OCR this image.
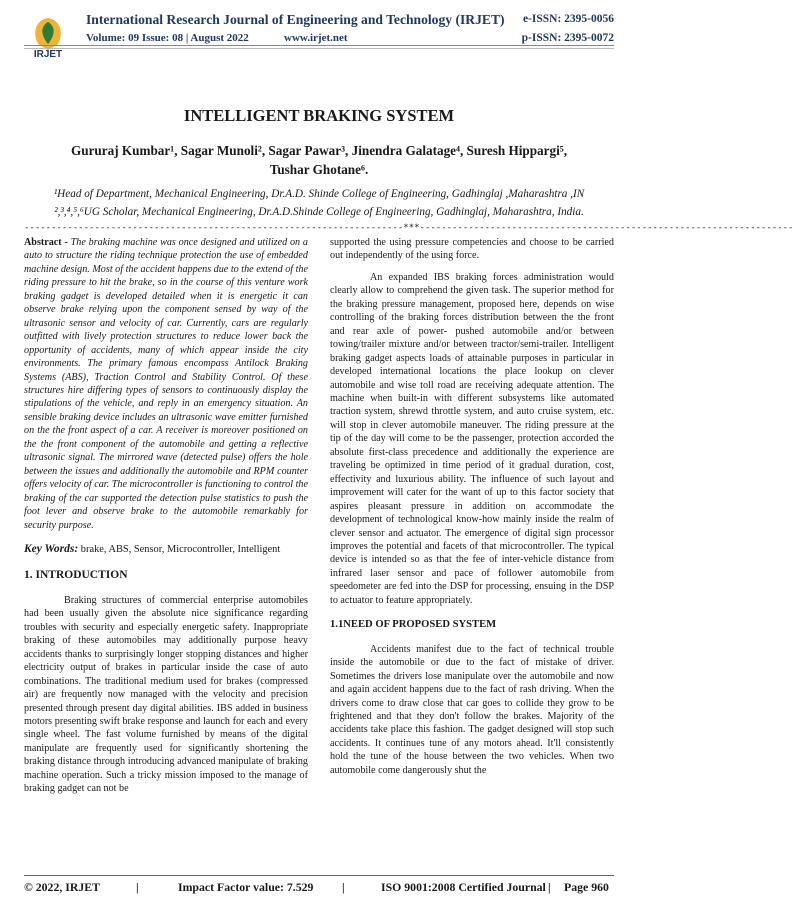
IRJET
International Research Journal of Engineering and Technology (IRJET) e-ISSN: 2395-0056
Volume: 09 Issue: 08 | August 2022	www.irjet.net	p-ISSN: 2395-0072
INTELLIGENT BRAKING SYSTEM
Gururaj Kumbar¹, Sagar Munoli², Sagar Pawar³, Jinendra Galatage⁴, Suresh Hippargi⁵,
Tushar Ghotane⁶.
¹Head of Department, Mechanical Engineering, Dr.A.D. Shinde College of Engineering, Gadhinglaj ,Maharashtra ,IN
²,³,⁴,⁵,⁶UG Scholar, Mechanical Engineering, Dr.A.D.Shinde College of Engineering, Gadhinglaj, Maharashtra, India.
----------------------------------------------------------------------***---------------------------------------------------------------------

Abstract - The braking machine was once designed and utilized on a auto to structure the riding technique protection the use of embedded machine design. Most of the accident happens due to the extend of the riding pressure to hit the brake, so in the course of this venture work braking gadget is developed detailed when it is energetic it can observe brake relying upon the component sensed by way of the ultrasonic sensor and velocity of car. Currently, cars are regularly outfitted with lively protection structures to reduce lower back the opportunity of accidents, many of which appear inside the city environments. The primary famous encompass Antilock Braking Systems (ABS), Traction Control and Stability Control. Of these structures hire differing types of sensors to continuously display the stipulations of the vehicle, and reply in an emergency situation. An sensible braking device includes an ultrasonic wave emitter furnished on the the front aspect of a car. A receiver is moreover positioned on the the front component of the automobile and getting a reflective ultrasonic signal. The mirrored wave (detected pulse) offers the hole between the issues and additionally the automobile and RPM counter offers velocity of car. The microcontroller is functioning to control the braking of the car supported the detection pulse statistics to push the foot lever and observe brake to the automobile remarkably for security purpose.

Key Words: brake, ABS, Sensor, Microcontroller, Intelligent

1. INTRODUCTION

Braking structures of commercial enterprise automobiles had been usually given the absolute nice significance regarding troubles with security and especially energetic safety. Inappropriate braking of these automobiles may additionally purpose heavy accidents thanks to surprisingly longer stopping distances and higher electricity output of brakes in particular inside the case of auto combinations. The traditional medium used for brakes (compressed air) are frequently now managed with the velocity and precision presented through present day digital abilities. IBS added in business motors presenting swift brake response and launch for each and every single wheel. The fast volume furnished by means of the digital manipulate are frequently used for significantly shortening the braking distance through introducing advanced manipulate of braking machine operation. Such a tricky mission imposed to the manage of braking gadget can not be

supported the using pressure competencies and choose to be carried out independently of the using force.

An expanded IBS braking forces administration would clearly allow to comprehend the given task. The superior method for the braking pressure management, proposed here, depends on wise controlling of the braking forces distribution between the the front and rear axle of power- pushed automobile and/or between towing/trailer mixture and/or between tractor/semi-trailer. Intelligent braking gadget aspects loads of attainable purposes in particular in developed international locations the place lookup on clever automobile and wise toll road are receiving adequate attention. The machine when built-in with different subsystems like automated traction system, shrewd throttle system, and auto cruise system, etc. will stop in clever automobile maneuver. The riding pressure at the tip of the day will come to be the passenger, protection accorded the absolute first-class precedence and additionally the experience are traveling be optimized in time period of it gradual duration, cost, effectivity and luxurious ability. The influence of such layout and improvement will cater for the want of up to this factor society that aspires pleasant pressure in addition on accommodate the development of technological know-how mainly inside the realm of clever sensor and actuator. The emergence of digital sign processor improves the potential and facets of that microcontroller. The typical device is intended so as that the fee of inter-vehicle distance from infrared laser sensor and pace of follower automobile from speedometer are fed into the DSP for processing, ensuing in the DSP to actuator to feature appropriately.

1.1NEED OF PROPOSED SYSTEM

Accidents manifest due to the fact of technical trouble inside the automobile or due to the fact of mistake of driver. Sometimes the drivers lose manipulate over the automobile and now and again accident happens due to the fact of rash driving. When the drivers come to draw close that car goes to collide they grow to be frightened and that they don't follow the brakes. Majority of the accidents take place this fashion. The gadget designed will stop such accidents. It continues tune of any motors ahead. It'll consistently hold the tune of the house between the two vehicles. When two automobile come dangerously shut the

© 2022, IRJET	|	Impact Factor value: 7.529 |	ISO 9001:2008 Certified Journal | Page 960
